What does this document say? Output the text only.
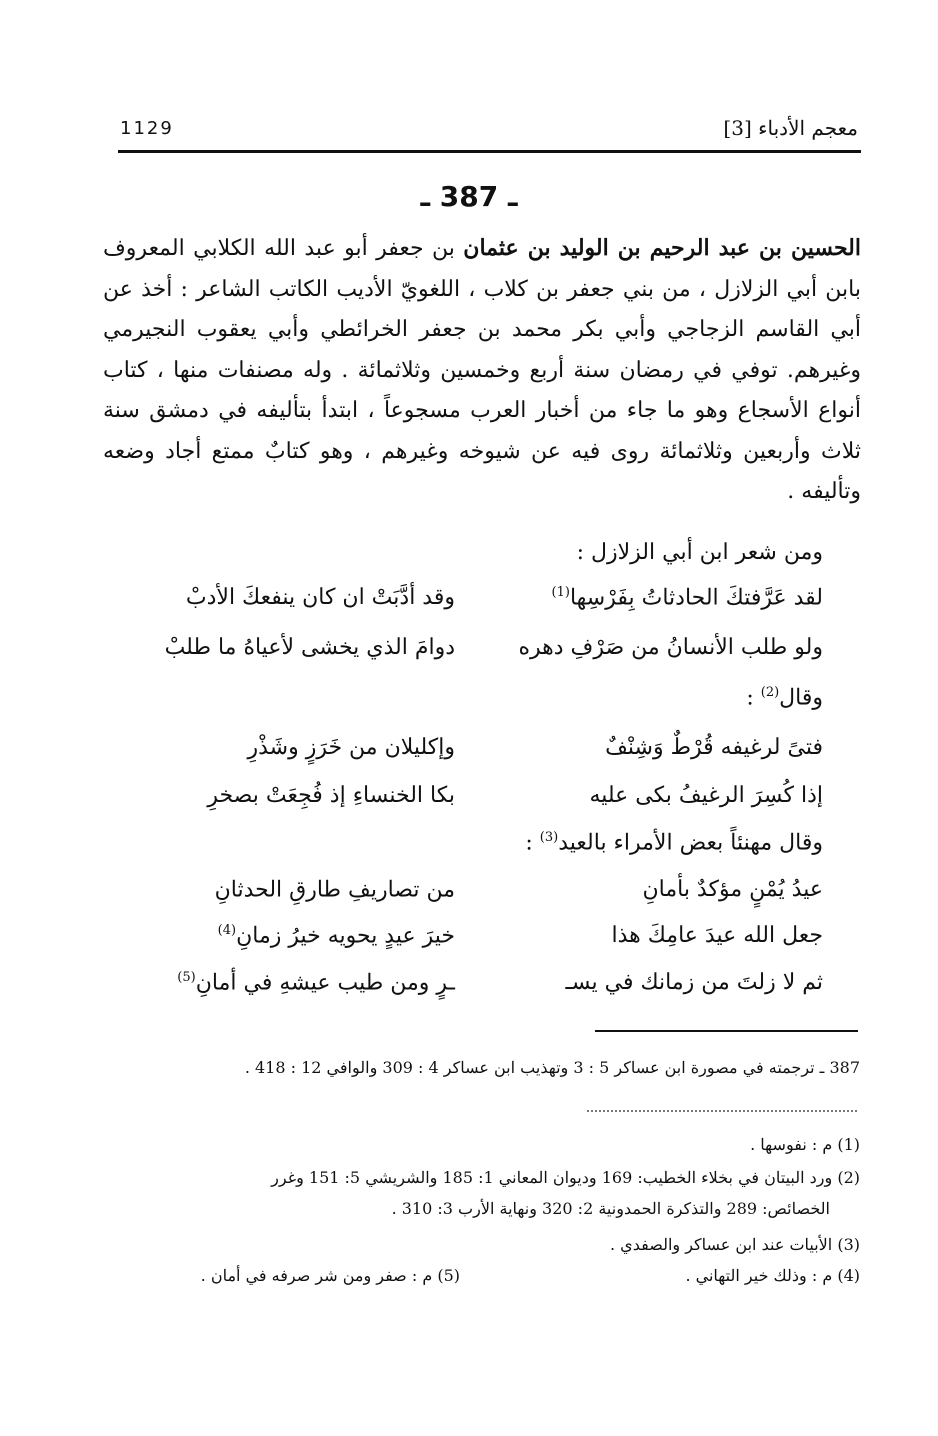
1129	معجم الأدباء [3]
ـ 387 ـ
الحسين بن عبد الرحيم بن الوليد بن عثمان بن جعفر أبو عبد الله الكلابي المعروف بابن أبي الزلازل ، من بني جعفر بن كلاب ، اللغويّ الأديب الكاتب الشاعر : أخذ عن أبي القاسم الزجاجي وأبي بكر محمد بن جعفر الخرائطي وأبي يعقوب النجيرمي وغيرهم. توفي في رمضان سنة أربع وخمسين وثلاثمائة . وله مصنفات منها ، كتاب أنواع الأسجاع وهو ما جاء من أخبار العرب مسجوعاً ، ابتدأ بتأليفه في دمشق سنة ثلاث وأربعين وثلاثمائة روى فيه عن شيوخه وغيرهم ، وهو كتابٌ ممتع أجاد وضعه وتأليفه .
ومن شعر ابن أبي الزلازل :
لقد عَرَّفتكَ الحادثاتُ بِفَرْسِها$^{(1)}$
وقد أدَّبَتْ ان كان ينفعكَ الأدبْ
ولو طلب الأنسانُ من صَرْفِ دهره
دوامَ الذي يخشى لأعياهُ ما طلبْ
وقال$^{(2)}$ :
فتىً لرغيفه قُرْطٌ وَشِنْفٌ
وإكليلان من خَرَزٍ وشَذْرِ
إذا كُسِرَ الرغيفُ بكى عليه
بكا الخنساءِ إذ فُجِعَتْ بصخرِ
وقال مهنئاً بعض الأمراء بالعيد$^{(3)}$ :
عيدُ يُمْنٍ مؤكدٌ بأمانِ
من تصاريفِ طارقِ الحدثانِ
جعل الله عيدَ عامِكَ هذا
خيرَ عيدٍ يحويه خيرُ زمانِ$^{(4)}$
ثم لا زلتَ من زمانك في يسـ
ـرٍ ومن طيب عيشهِ في أمانِ$^{(5)}$
387 ـ ترجمته في مصورة ابن عساكر 5 : 3 وتهذيب ابن عساكر 4 : 309 والوافي 12 : 418 .
(1) م : نفوسها .
(2) ورد البيتان في بخلاء الخطيب: 169 وديوان المعاني 1: 185 والشريشي 5: 151 وغرر
الخصائص: 289 والتذكرة الحمدونية 2: 320 ونهاية الأرب 3: 310 .
(3) الأبيات عند ابن عساكر والصفدي .
(4) م : وذلك خير التهاني .
(5) م : صفر ومن شر صرفه في أمان .
